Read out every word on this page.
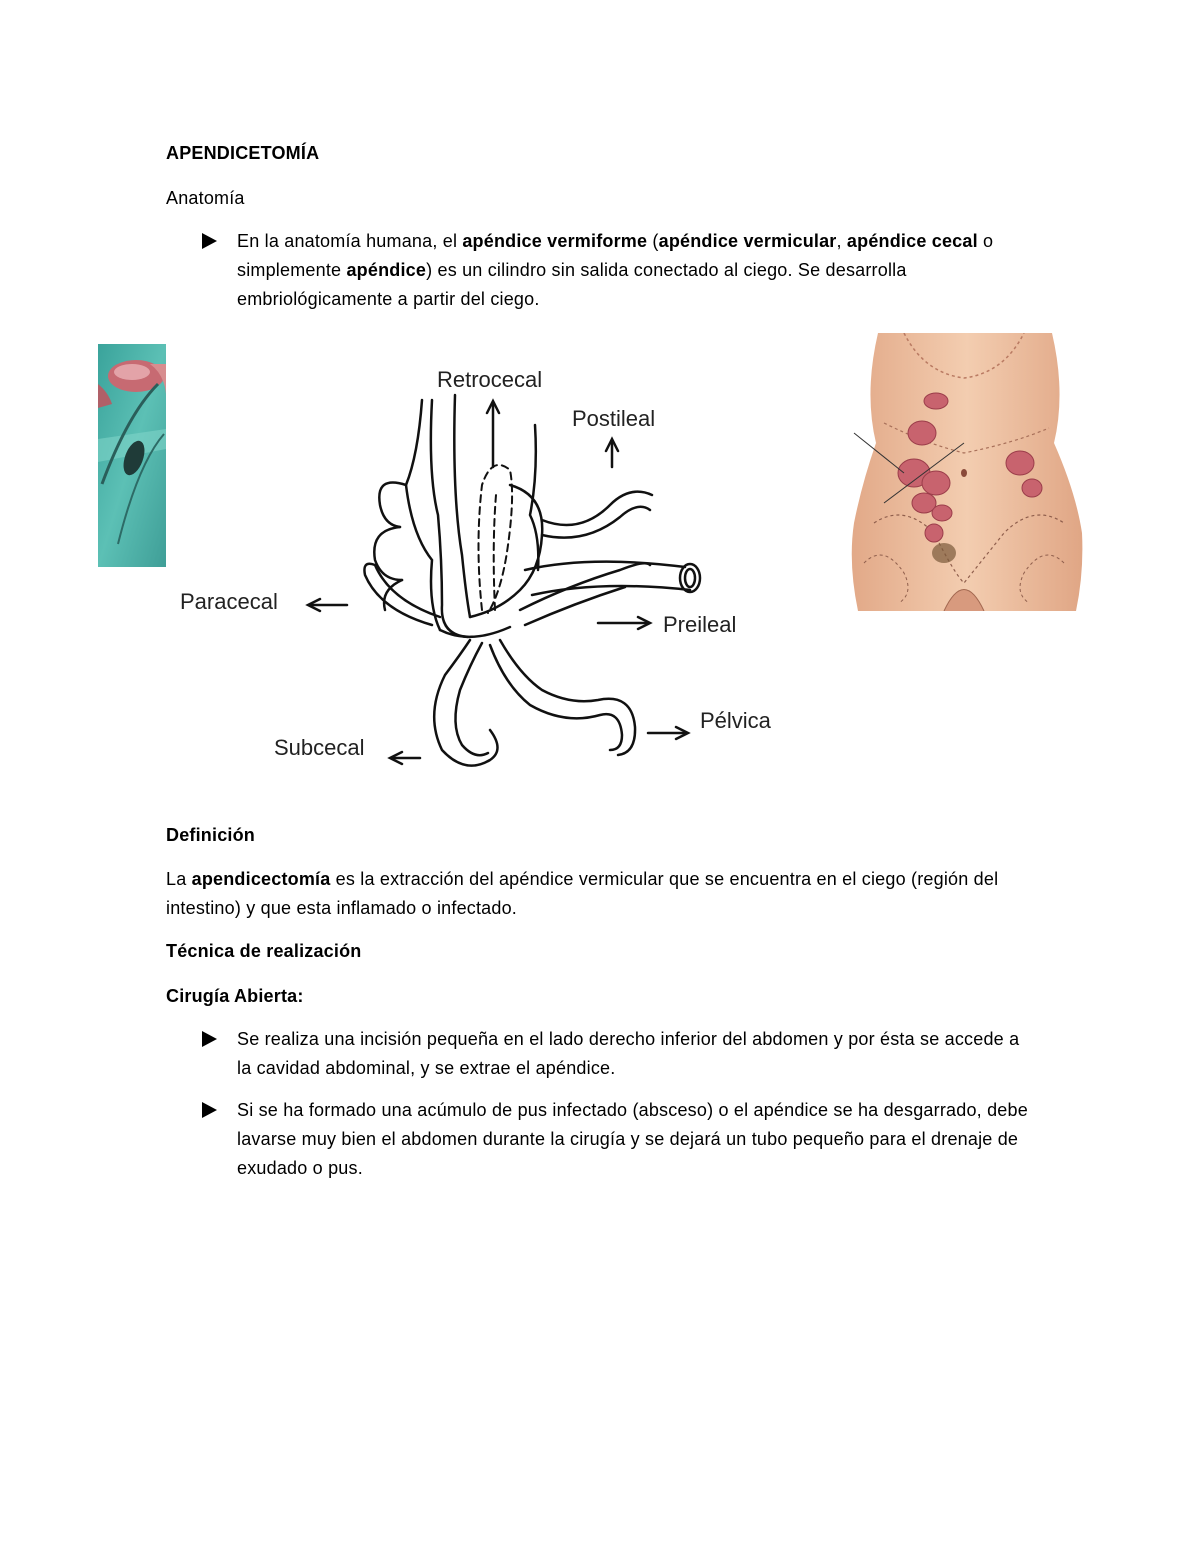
APENDICETOMÍA
Anatomía
En la anatomía humana, el apéndice vermiforme (apéndice vermicular, apéndice cecal o simplemente apéndice) es un cilindro sin salida conectado al ciego. Se desarrolla embriológicamente a partir del ciego.
Retrocecal
Postileal
Paracecal
Preileal
Subcecal
Pélvica
Definición
La apendicectomía es la extracción del apéndice vermicular que se encuentra en el ciego (región del intestino) y que esta inflamado o infectado.
Técnica de realización
Cirugía Abierta:
Se realiza una incisión pequeña en el lado derecho inferior del abdomen y por ésta se accede a la cavidad abdominal, y se extrae el apéndice.
Si se ha formado una acúmulo de pus infectado (absceso) o el apéndice se ha desgarrado, debe lavarse muy bien el abdomen durante la cirugía y se dejará un tubo pequeño para el drenaje de exudado o pus.
